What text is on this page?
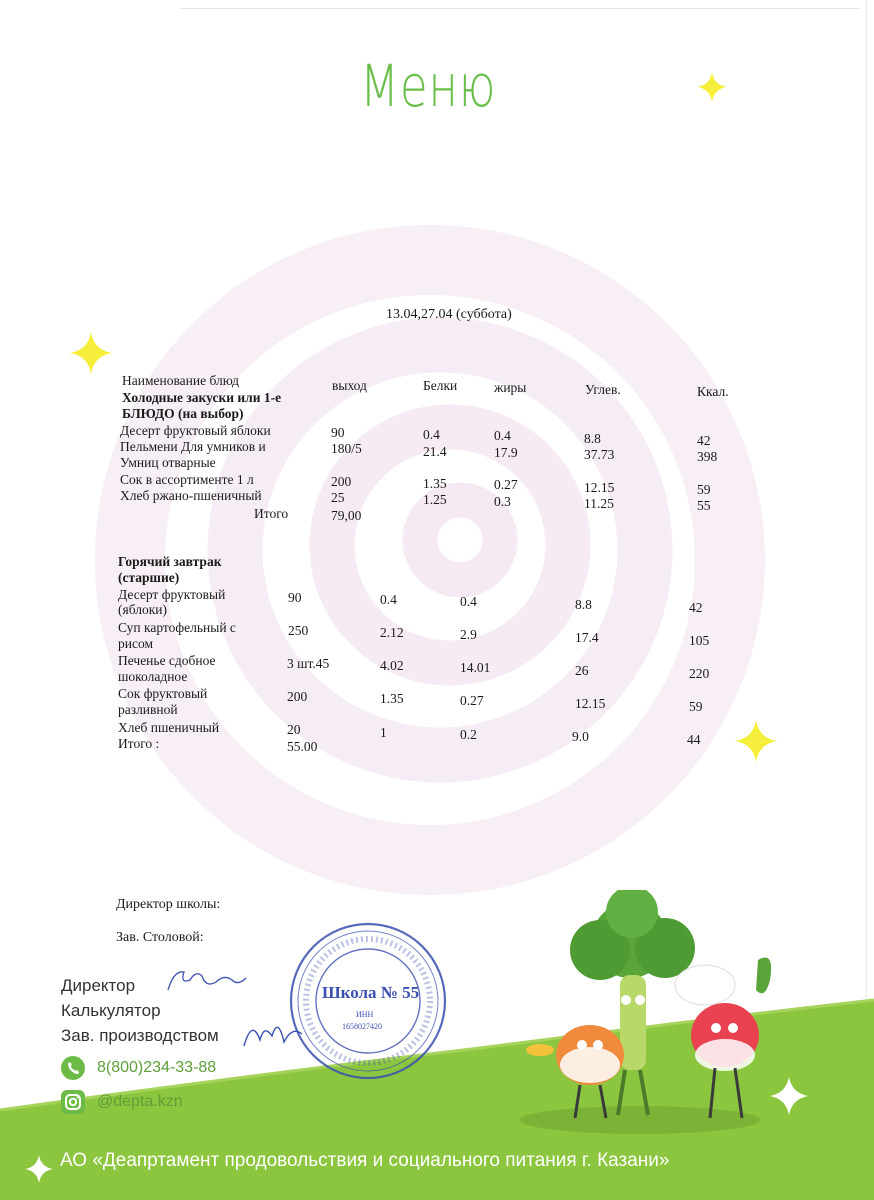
Меню
13.04,27.04 (суббота)
Наименование блюд	выход	Белки	жиры	Углев.	Ккал.
Холодные закуски или 1-е
БЛЮДО (на выбор)
Десерт фруктовый яблоки	90	0.4	0.4	8.8	42
Пельмени Для умников и
Умниц отварные
180/5	21.4	17.9	37.73	398
Сок в ассортименте 1 л	200	1.35	0.27	12.15	59
Хлеб ржано-пшеничный	25	1.25	0.3	11.25	55
Итого	79,00
Горячий завтрак
(старшие)
Десерт фруктовый
(яблоки)
90	0.4	0.4	8.8	42
Суп картофельный с
рисом
250	2.12	2.9	17.4	105
Печенье сдобное
шоколадное
3 шт.45	4.02	14.01	26	220
Сок фруктовый
разливной
200	1.35	0.27	12.15	59
Хлеб пшеничный	20	1	0.2	9.0	44
Итого :	55.00
Директор школы:
Зав. Столовой:
Школа № 55
ИНН
1658027420
Директор
Калькулятор
Зав. производством
8(800)234-33-88
@depta.kzn
АО «Деапртамент продовольствия и социального питания г. Казани»
